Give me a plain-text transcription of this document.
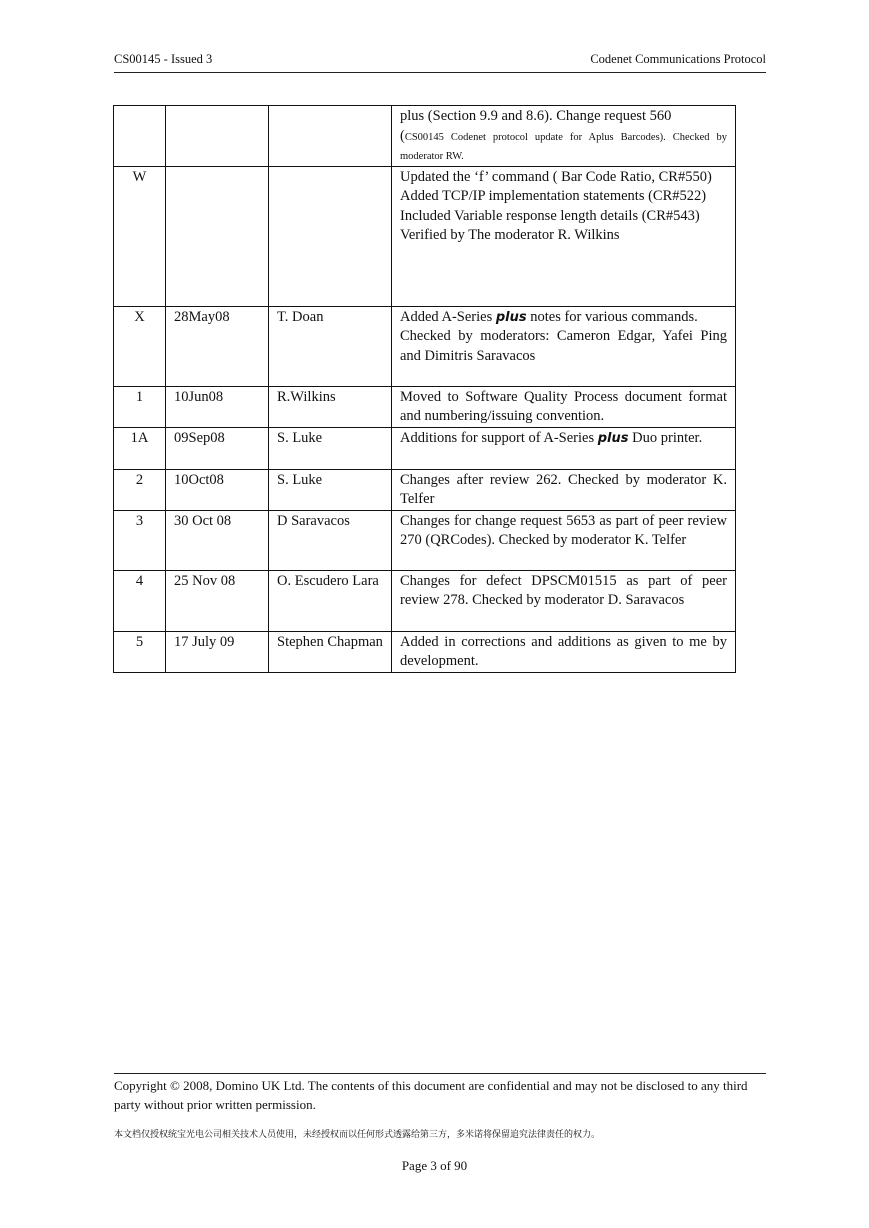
CS00145 - Issued 3	Codenet Communications Protocol

			plus (Section 9.9 and 8.6). Change request 560
(CS00145 Codenet protocol update for Aplus Barcodes). Checked by moderator RW.
W			Updated the ‘f’ command ( Bar Code Ratio, CR#550)
Added TCP/IP implementation statements (CR#522)
Included Variable response length details (CR#543)
Verified by The moderator R. Wilkins

X	28May08	T. Doan	Added A-Series plus notes for various commands.
Checked by moderators: Cameron Edgar, Yafei Ping and Dimitris Saravacos

1	10Jun08	R.Wilkins	Moved to Software Quality Process document format and numbering/issuing convention.
1A	09Sep08	S. Luke	Additions for support of A-Series plus Duo printer.
2	10Oct08	S. Luke	Changes after review 262. Checked by moderator K. Telfer
3	30 Oct 08	D Saravacos	Changes for change request 5653 as part of peer review 270 (QRCodes). Checked by moderator K. Telfer
4	25 Nov 08	O. Escudero Lara	Changes for defect DPSCM01515 as part of peer review 278. Checked by moderator D. Saravacos
5	17 July 09	Stephen Chapman	Added in corrections and additions as given to me by development.
Copyright © 2008, Domino UK Ltd. The contents of this document are confidential and may not be disclosed to any third party without prior written permission.
本文档仅授权统宝光电公司相关技术人员使用，未经授权而以任何形式透露给第三方，多米诺将保留追究法律责任的权力。
Page 3 of 90
